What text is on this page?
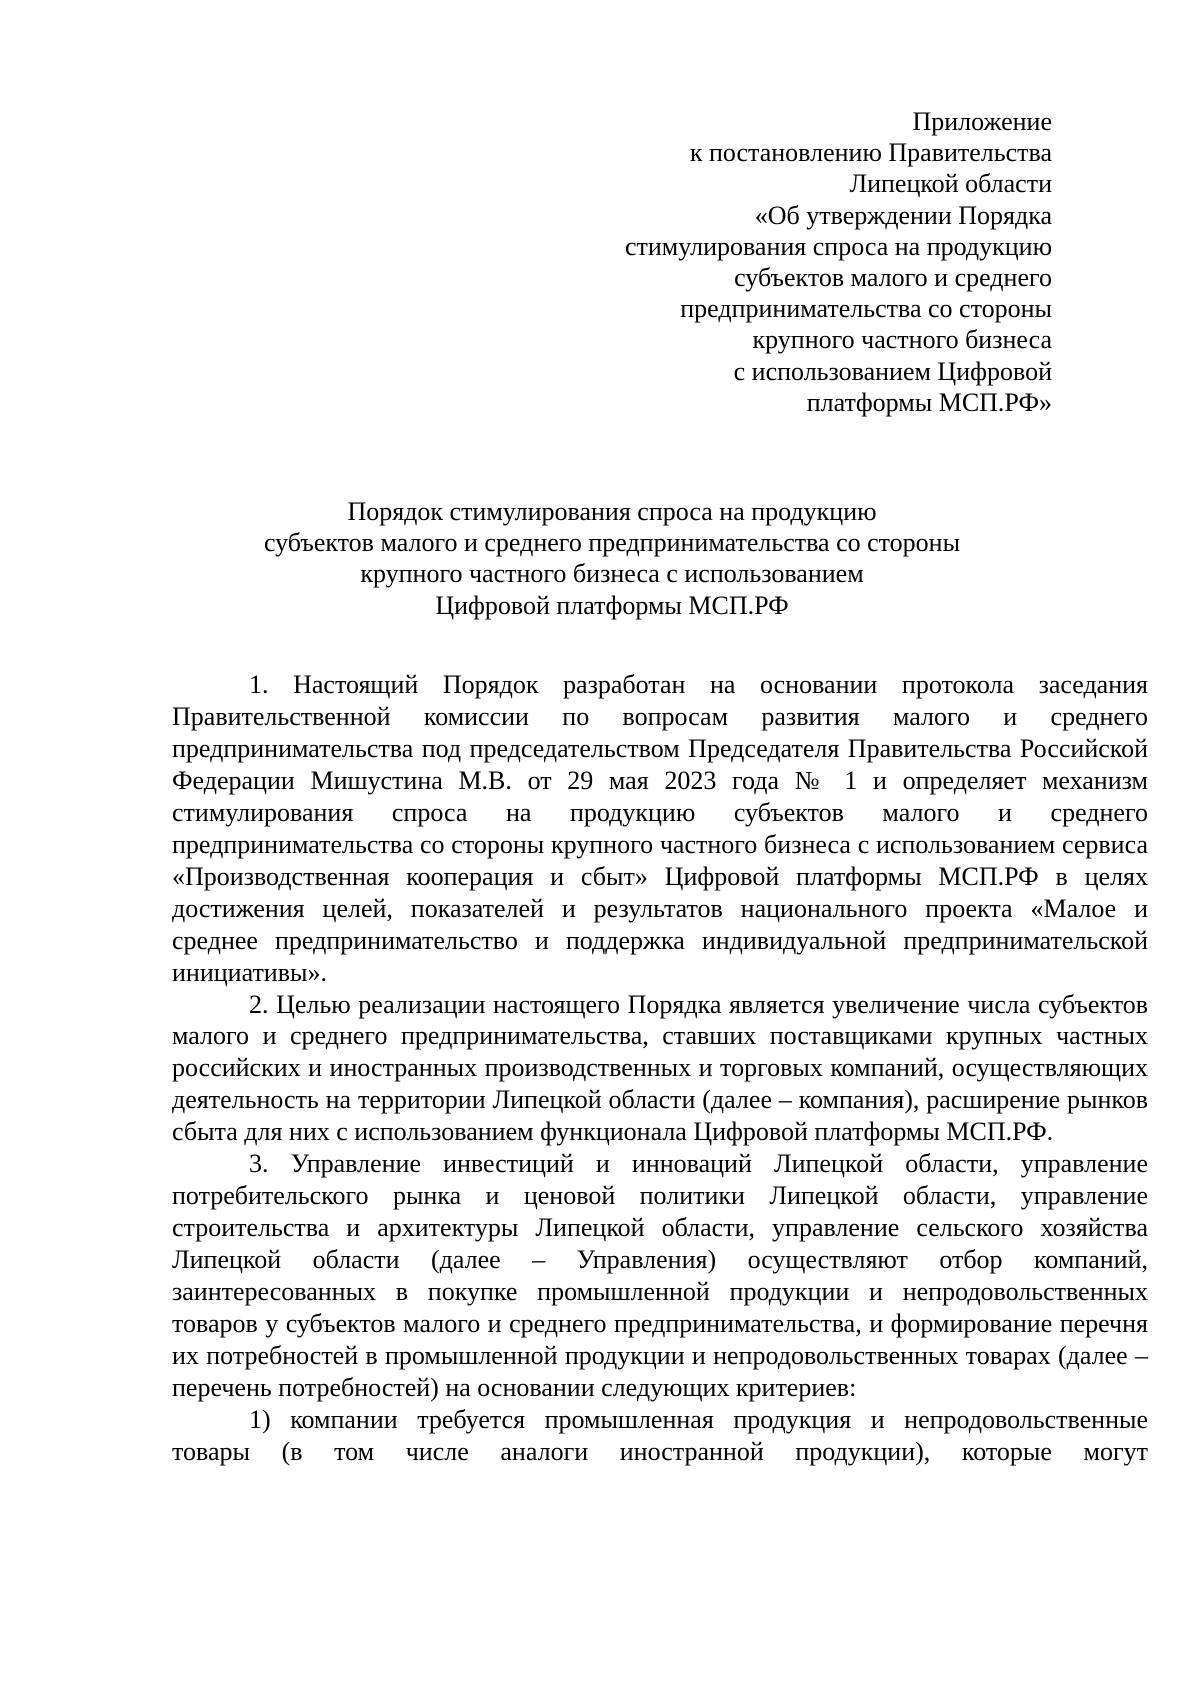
Приложение
к постановлению Правительства
Липецкой области
«Об утверждении Порядка
стимулирования спроса на продукцию
субъектов малого и среднего
предпринимательства со стороны
крупного частного бизнеса
с использованием Цифровой
платформы МСП.РФ»
Порядок стимулирования спроса на продукцию
субъектов малого и среднего предпринимательства со стороны
крупного частного бизнеса с использованием
Цифровой платформы МСП.РФ

1. Настоящий Порядок разработан на основании протокола заседания Правительственной комиссии по вопросам развития малого и среднего предпринимательства под председательством Председателя Правительства Российской Федерации Мишустина М.В. от 29 мая 2023 года № 1 и определяет механизм стимулирования спроса на продукцию субъектов малого и среднего предпринимательства со стороны крупного частного бизнеса с использованием сервиса «Производственная кооперация и сбыт» Цифровой платформы МСП.РФ в целях достижения целей, показателей и результатов национального проекта «Малое и среднее предпринимательство и поддержка индивидуальной предпринимательской инициативы».

2. Целью реализации настоящего Порядка является увеличение числа субъектов малого и среднего предпринимательства, ставших поставщиками крупных частных российских и иностранных производственных и торговых компаний, осуществляющих деятельность на территории Липецкой области (далее – компания), расширение рынков сбыта для них с использованием функционала Цифровой платформы МСП.РФ.

3. Управление инвестиций и инноваций Липецкой области, управление потребительского рынка и ценовой политики Липецкой области, управление строительства и архитектуры Липецкой области, управление сельского хозяйства Липецкой области (далее – Управления) осуществляют отбор компаний, заинтересованных в покупке промышленной продукции и непродовольственных товаров у субъектов малого и среднего предпринимательства, и формирование перечня их потребностей в промышленной продукции и непродовольственных товарах (далее – перечень потребностей) на основании следующих критериев:

1) компании требуется промышленная продукция и непродовольственные товары (в том числе аналоги иностранной продукции), которые могут
